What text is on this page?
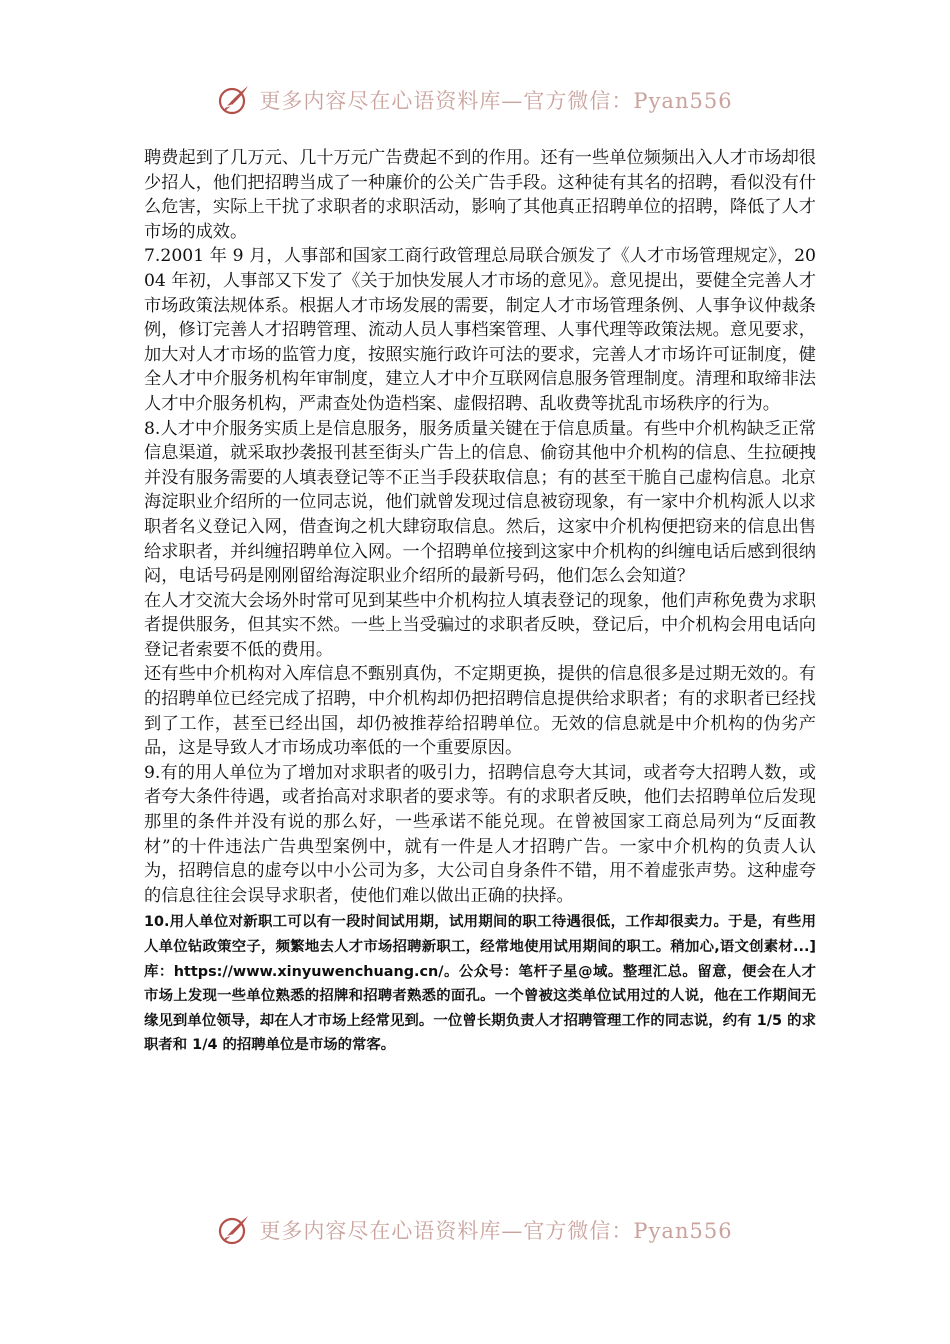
更多内容尽在心语资料库—官方微信：Pyan556

聘费起到了几万元、几十万元广告费起不到的作用。还有一些单位频频出入人才市场却很少招人，他们把招聘当成了一种廉价的公关广告手段。这种徒有其名的招聘，看似没有什么危害，实际上干扰了求职者的求职活动，影响了其他真正招聘单位的招聘，降低了人才市场的成效。

7.2001 年 9 月，人事部和国家工商行政管理总局联合颁发了《人才市场管理规定》，2004 年初，人事部又下发了《关于加快发展人才市场的意见》。意见提出，要健全完善人才市场政策法规体系。根据人才市场发展的需要，制定人才市场管理条例、人事争议仲裁条例，修订完善人才招聘管理、流动人员人事档案管理、人事代理等政策法规。意见要求，加大对人才市场的监管力度，按照实施行政许可法的要求，完善人才市场许可证制度，健全人才中介服务机构年审制度，建立人才中介互联网信息服务管理制度。清理和取缔非法人才中介服务机构，严肃查处伪造档案、虚假招聘、乱收费等扰乱市场秩序的行为。

8.人才中介服务实质上是信息服务，服务质量关键在于信息质量。有些中介机构缺乏正常信息渠道，就采取抄袭报刊甚至街头广告上的信息、偷窃其他中介机构的信息、生拉硬拽并没有服务需要的人填表登记等不正当手段获取信息；有的甚至干脆自己虚构信息。北京海淀职业介绍所的一位同志说，他们就曾发现过信息被窃现象，有一家中介机构派人以求职者名义登记入网，借查询之机大肆窃取信息。然后，这家中介机构便把窃来的信息出售给求职者，并纠缠招聘单位入网。一个招聘单位接到这家中介机构的纠缠电话后感到很纳闷，电话号码是刚刚留给海淀职业介绍所的最新号码，他们怎么会知道？

在人才交流大会场外时常可见到某些中介机构拉人填表登记的现象，他们声称免费为求职者提供服务，但其实不然。一些上当受骗过的求职者反映，登记后，中介机构会用电话向登记者索要不低的费用。

还有些中介机构对入库信息不甄别真伪，不定期更换，提供的信息很多是过期无效的。有的招聘单位已经完成了招聘，中介机构却仍把招聘信息提供给求职者；有的求职者已经找到了工作，甚至已经出国，却仍被推荐给招聘单位。无效的信息就是中介机构的伪劣产品，这是导致人才市场成功率低的一个重要原因。

9.有的用人单位为了增加对求职者的吸引力，招聘信息夸大其词，或者夸大招聘人数，或者夸大条件待遇，或者抬高对求职者的要求等。有的求职者反映，他们去招聘单位后发现那里的条件并没有说的那么好，一些承诺不能兑现。在曾被国家工商总局列为“反面教材”的十件违法广告典型案例中，就有一件是人才招聘广告。一家中介机构的负责人认为，招聘信息的虚夸以中小公司为多，大公司自身条件不错，用不着虚张声势。这种虚夸的信息往往会误导求职者，使他们难以做出正确的抉择。

10.用人单位对新职工可以有一段时间试用期，试用期间的职工待遇很低，工作却很卖力。于是，有些用人单位钻政策空子，频繁地去人才市场招聘新职工，经常地使用试用期间的职工。稍加心,语文创素材...]库：https://www.xinyuwenchuang.cn/。公众号：笔杆子星@域。整理汇总。留意，便会在人才市场上发现一些单位熟悉的招牌和招聘者熟悉的面孔。一个曾被这类单位试用过的人说，他在工作期间无缘见到单位领导，却在人才市场上经常见到。一位曾长期负责人才招聘管理工作的同志说，约有 1/5 的求职者和 1/4 的招聘单位是市场的常客。

更多内容尽在心语资料库—官方微信：Pyan556
